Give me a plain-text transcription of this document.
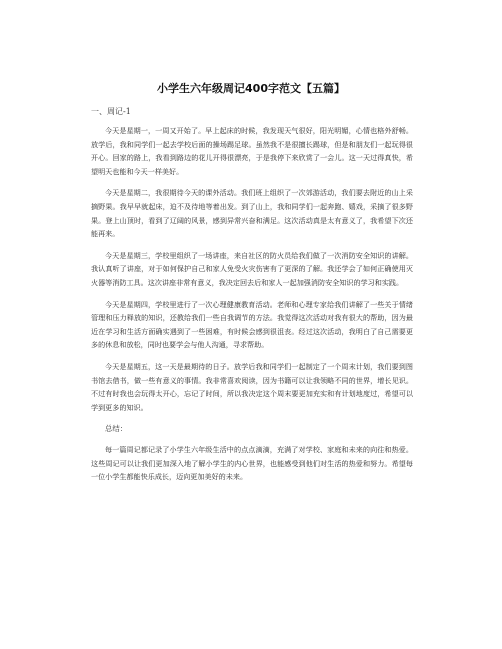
小学生六年级周记400字范文【五篇】
一、周记-1

今天是星期一，一周又开始了。早上起床的时候，我发现天气很好，阳光明媚，心情也格外舒畅。放学后，我和同学们一起去学校后面的操场踢足球。虽然我不是很擅长踢球，但是和朋友们一起玩得很开心。回家的路上，我看到路边的花儿开得很漂亮，于是我停下来欣赏了一会儿。这一天过得真快，希望明天也能和今天一样美好。

今天是星期二，我很期待今天的课外活动。我们班上组织了一次郊游活动，我们要去附近的山上采摘野果。我早早就起床，迫不及待地等着出发。到了山上，我和同学们一起奔跑、嬉戏，采摘了很多野果。登上山顶时，看到了辽阔的风景，感到异常兴奋和满足。这次活动真是太有意义了，我希望下次还能再来。

今天是星期三，学校里组织了一场讲座，来自社区的防火员给我们做了一次消防安全知识的讲解。我认真听了讲座，对于如何保护自己和家人免受火灾伤害有了更深的了解。我还学会了如何正确使用灭火器等消防工具。这次讲座非常有意义，我决定回去后和家人一起加强消防安全知识的学习和实践。

今天是星期四，学校里进行了一次心理健康教育活动。老师和心理专家给我们讲解了一些关于情绪管理和压力释放的知识，还教给我们一些自我调节的方法。我觉得这次活动对我有很大的帮助，因为最近在学习和生活方面确实遇到了一些困难，有时候会感到很沮丧。经过这次活动，我明白了自己需要更多的休息和放松，同时也要学会与他人沟通，寻求帮助。

今天是星期五，这一天是最期待的日子。放学后我和同学们一起制定了一个周末计划，我们要到图书馆去借书，做一些有意义的事情。我非常喜欢阅读，因为书籍可以让我领略不同的世界，增长见识。不过有时我也会玩得太开心，忘记了时间，所以我决定这个周末要更加充实和有计划地度过，希望可以学到更多的知识。

总结：

每一篇周记都记录了小学生六年级生活中的点点滴滴，充满了对学校、家庭和未来的向往和热爱。这些周记可以让我们更加深入地了解小学生的内心世界，也能感受到他们对生活的热爱和努力。希望每一位小学生都能快乐成长，迈向更加美好的未来。
